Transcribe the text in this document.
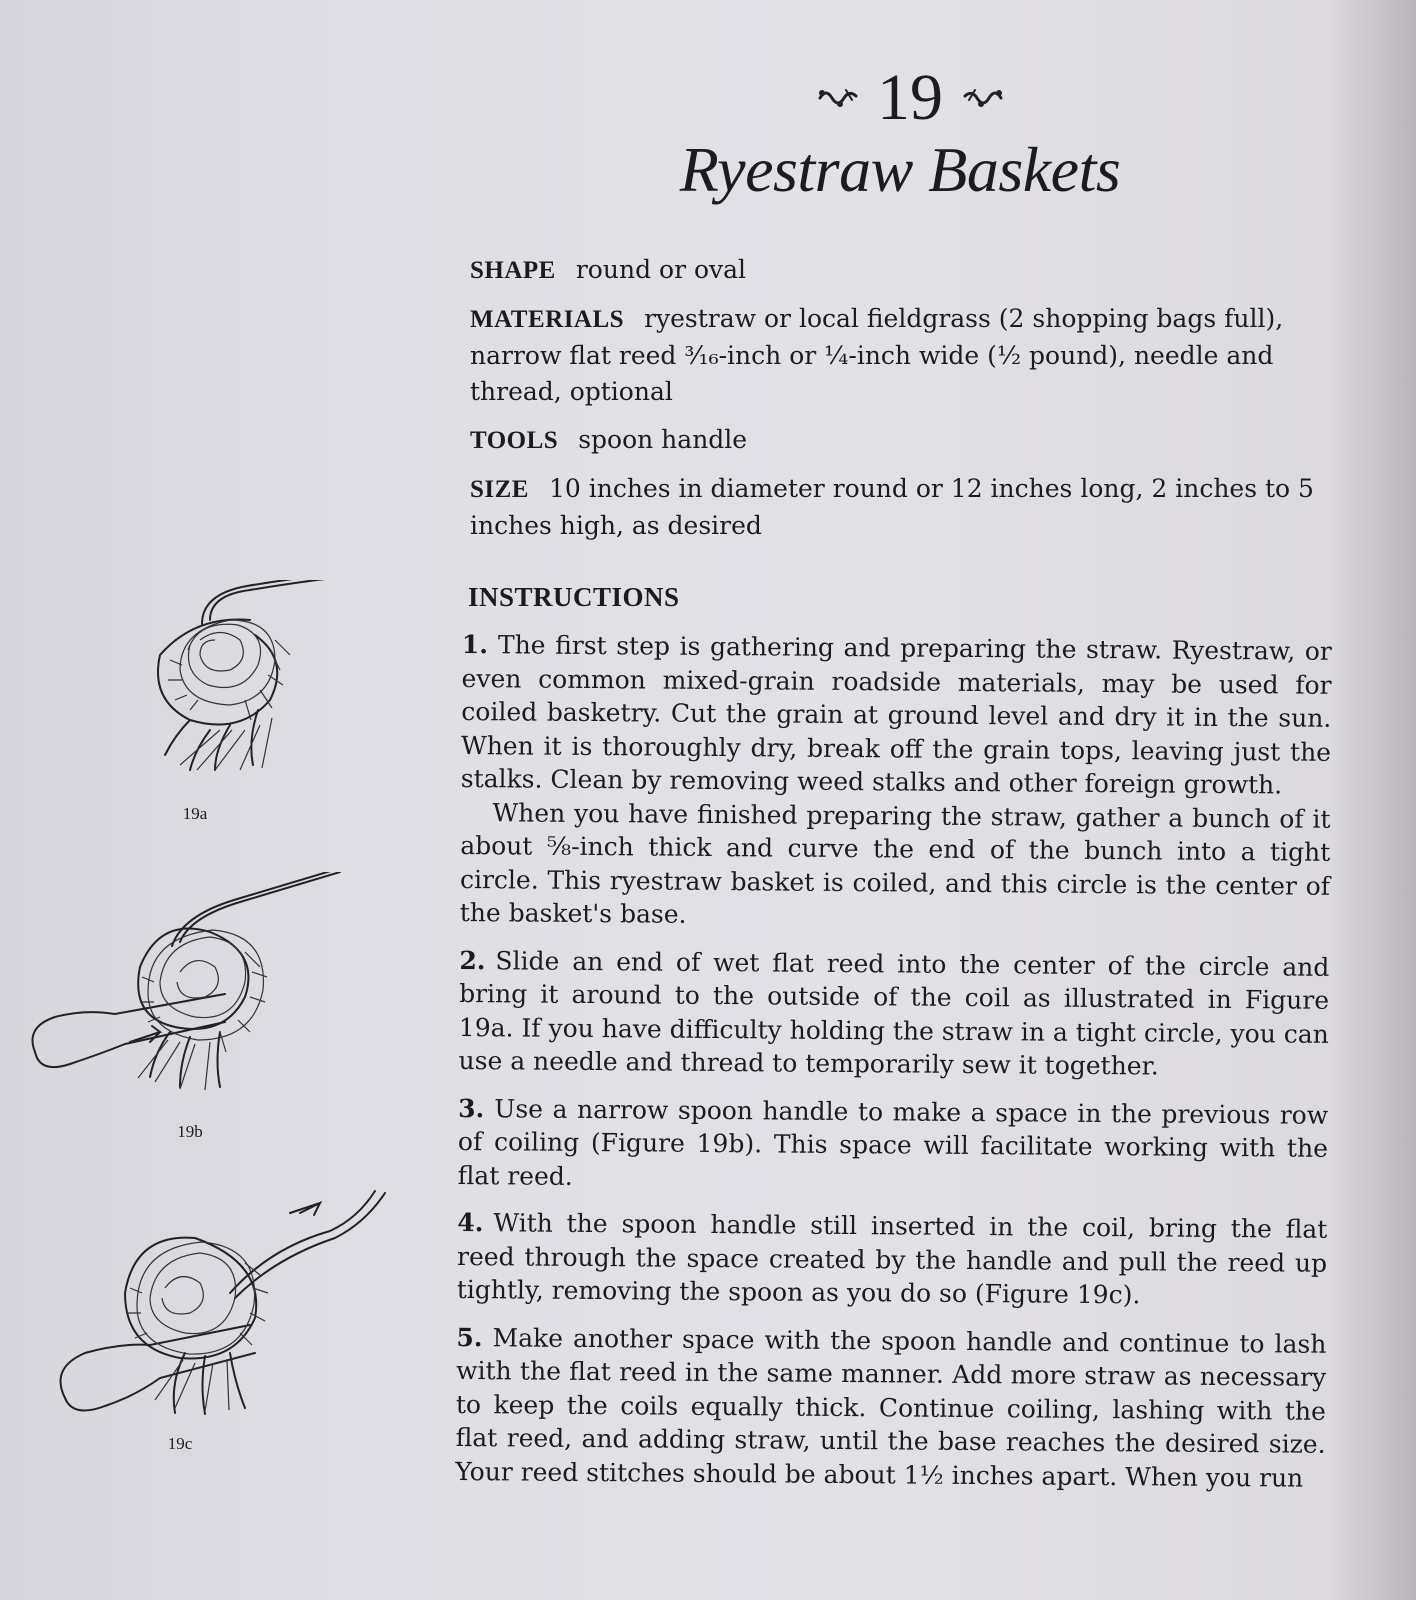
19
Ryestraw Baskets

SHAPE round or oval

MATERIALS ryestraw or local fieldgrass (2 shopping bags full), narrow flat reed ³⁄₁₆-inch or ¼-inch wide (½ pound), needle and thread, optional

TOOLS spoon handle

SIZE 10 inches in diameter round or 12 inches long, 2 inches to 5 inches high, as desired

INSTRUCTIONS

1. The first step is gathering and preparing the straw. Ryestraw, or even common mixed-grain roadside materials, may be used for coiled basketry. Cut the grain at ground level and dry it in the sun. When it is thoroughly dry, break off the grain tops, leaving just the stalks. Clean by removing weed stalks and other foreign growth.

When you have finished preparing the straw, gather a bunch of it about ⅝-inch thick and curve the end of the bunch into a tight circle. This ryestraw basket is coiled, and this circle is the center of the basket's base.

2. Slide an end of wet flat reed into the center of the circle and bring it around to the outside of the coil as illustrated in Figure 19a. If you have difficulty holding the straw in a tight circle, you can use a needle and thread to temporarily sew it together.

3. Use a narrow spoon handle to make a space in the previous row of coiling (Figure 19b). This space will facilitate working with the flat reed.

4. With the spoon handle still inserted in the coil, bring the flat reed through the space created by the handle and pull the reed up tightly, removing the spoon as you do so (Figure 19c).

5. Make another space with the spoon handle and continue to lash with the flat reed in the same manner. Add more straw as necessary to keep the coils equally thick. Continue coiling, lashing with the flat reed, and adding straw, until the base reaches the desired size. Your reed stitches should be about 1½ inches apart. When you run

19a
19b
19c
